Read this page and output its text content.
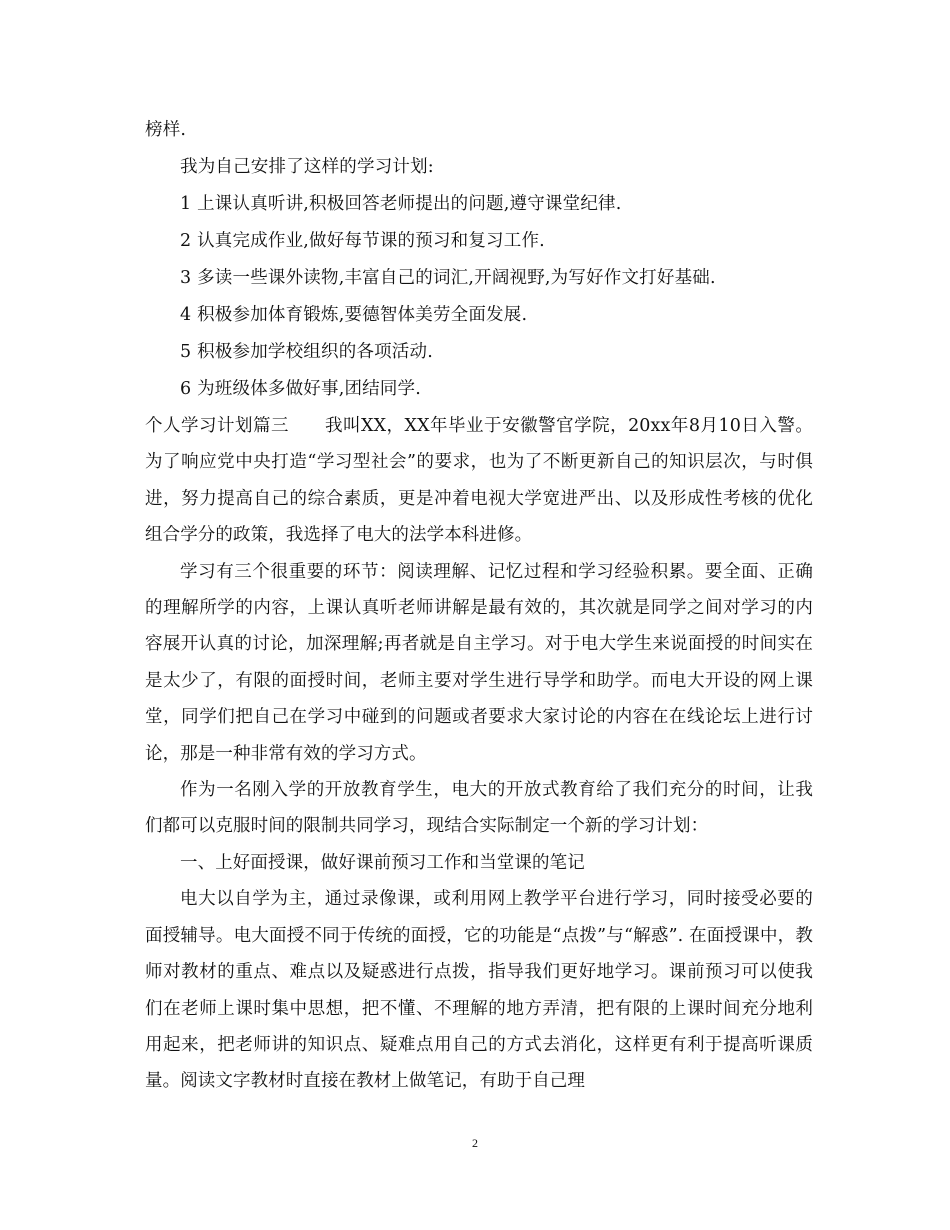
榜样.
我为自己安排了这样的学习计划:
1 上课认真听讲,积极回答老师提出的问题,遵守课堂纪律.
2 认真完成作业,做好每节课的预习和复习工作.
3 多读一些课外读物,丰富自己的词汇,开阔视野,为写好作文打好基础.
4 积极参加体育锻炼,要德智体美劳全面发展.
5 积极参加学校组织的各项活动.
6 为班级体多做好事,团结同学.

个人学习计划篇三　　我叫XX，XX年毕业于安徽警官学院，20xx年8月10日入警。为了响应党中央打造“学习型社会”的要求，也为了不断更新自己的知识层次，与时俱进，努力提高自己的综合素质，更是冲着电视大学宽进严出、以及形成性考核的优化组合学分的政策，我选择了电大的法学本科进修。

学习有三个很重要的环节：阅读理解、记忆过程和学习经验积累。要全面、正确的理解所学的内容，上课认真听老师讲解是最有效的，其次就是同学之间对学习的内容展开认真的讨论，加深理解;再者就是自主学习。对于电大学生来说面授的时间实在是太少了，有限的面授时间，老师主要对学生进行导学和助学。而电大开设的网上课堂，同学们把自己在学习中碰到的问题或者要求大家讨论的内容在在线论坛上进行讨论，那是一种非常有效的学习方式。

作为一名刚入学的开放教育学生，电大的开放式教育给了我们充分的时间，让我们都可以克服时间的限制共同学习，现结合实际制定一个新的学习计划：

一、上好面授课，做好课前预习工作和当堂课的笔记

电大以自学为主，通过录像课，或利用网上教学平台进行学习，同时接受必要的面授辅导。电大面授不同于传统的面授，它的功能是“点拨”与“解惑”. 在面授课中，教师对教材的重点、难点以及疑惑进行点拨，指导我们更好地学习。课前预习可以使我们在老师上课时集中思想，把不懂、不理解的地方弄清，把有限的上课时间充分地利用起来，把老师讲的知识点、疑难点用自己的方式去消化，这样更有利于提高听课质量。阅读文字教材时直接在教材上做笔记，有助于自己理

2
